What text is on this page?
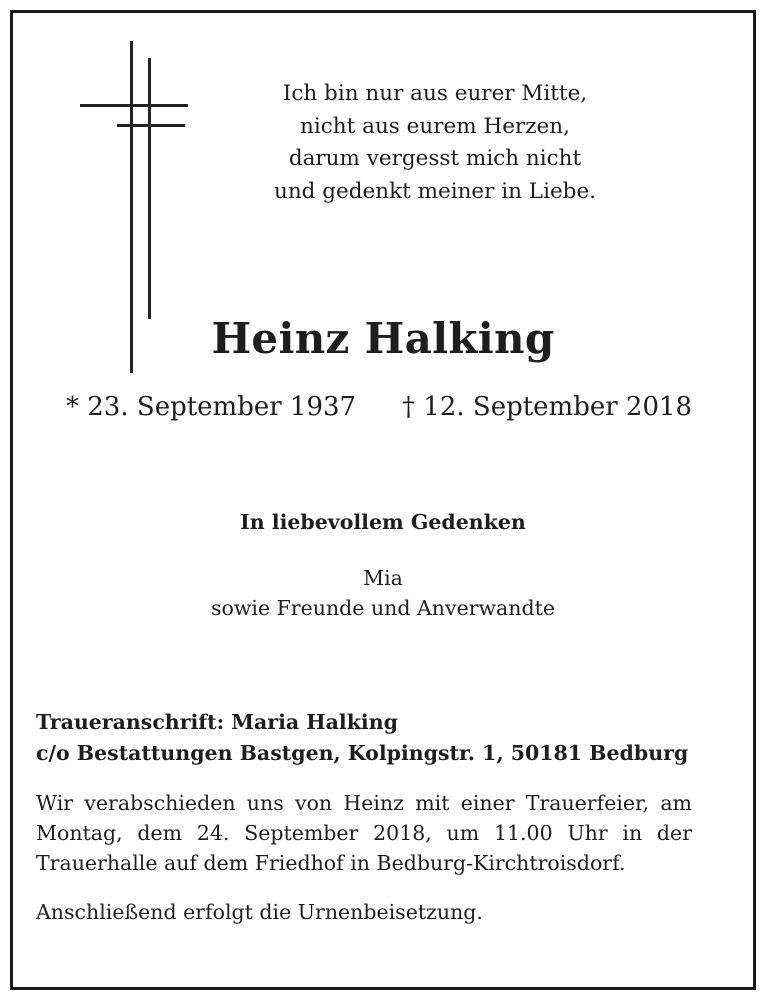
Ich bin nur aus eurer Mitte,
nicht aus eurem Herzen,
darum vergesst mich nicht
und gedenkt meiner in Liebe.
Heinz Halking
* 23. September 1937 † 12. September 2018
In liebevollem Gedenken
Mia
sowie Freunde und Anverwandte
Traueranschrift: Maria Halking
c/o Bestattungen Bastgen, Kolpingstr. 1, 50181 Bedburg
Wir verabschieden uns von Heinz mit einer Trauerfeier, am Montag, dem 24. September 2018, um 11.00 Uhr in der Trauerhalle auf dem Friedhof in Bedburg-Kirchtroisdorf.
Anschließend erfolgt die Urnenbeisetzung.
